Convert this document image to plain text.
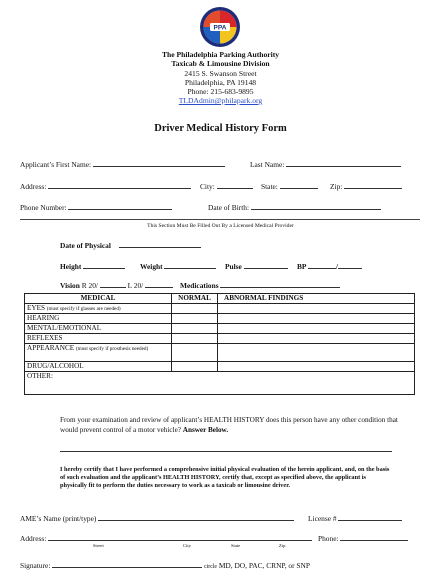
PPA
The Philadelphia Parking Authority
Taxicab & Limousine Division
2415 S. Swanson Street
Philadelphia, PA 19148
Phone: 215-683-9895
TLDAdmin@philapark.org
Driver Medical History Form
Applicant’s First Name:	Last Name:
Address:	City:	State:	Zip:
Phone Number:	Date of Birth:
This Section Must Be Filled Out By a Licensed Medical Provider
Date of Physical
Height	Weight	Pulse	BP	/
Vision R 20/	L 20/	Medications
MEDICAL	NORMAL	ABNORMAL FINDINGS
EYES (must specify if glasses are needed)		
HEARING		
MENTAL/EMOTIONAL		
REFLEXES		
APPEARANCE (must specify if prosthesis needed)		
DRUG/ALCOHOL		
OTHER:		
From your examination and review of applicant’s HEALTH HISTORY does this person have any other condition that would prevent control of a motor vehicle? Answer Below.
I hereby certify that I have performed a comprehensive initial physical evaluation of the herein applicant, and, on the basis of such evaluation and the applicant’s HEALTH HISTORY, certify that, except as specified above, the applicant is physically fit to perform the duties necessary to work as a taxicab or limousine driver.
AME’s Name (print/type)	License #
Address:	Phone:
Street	City	State	Zip
Signature:	circle MD, DO, PAC, CRNP, or SNP
